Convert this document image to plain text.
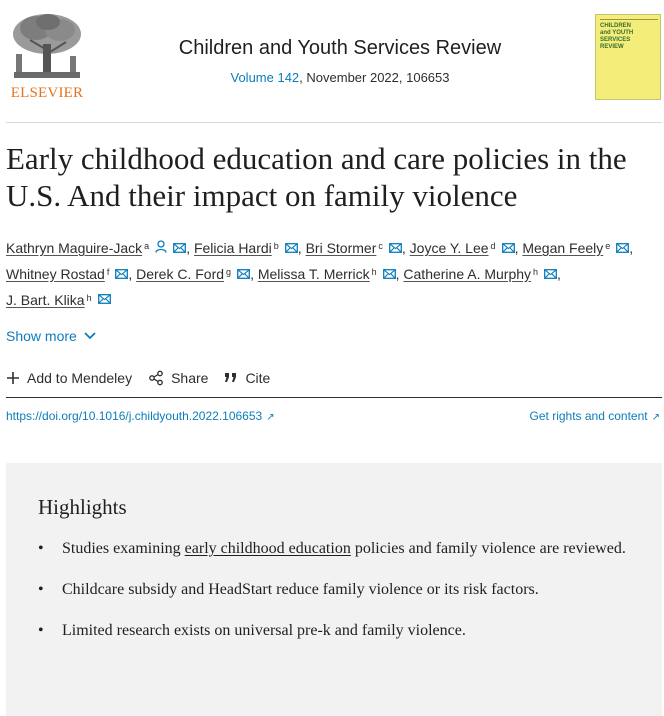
ELSEVIER
Children and Youth Services Review
Volume 142, November 2022, 106653
CHILDREN and YOUTH SERVICES REVIEW
Early childhood education and care policies in the U.S. And their impact on family violence
Kathryn Maguire-Jack $^a$	, Felicia Hardi $^b$ , Bri Stormer $^c$ , Joyce Y. Lee $^d$ , Megan Feely $^e$ , Whitney Rostad $^f$ , Derek C. Ford $^g$ , Melissa T. Merrick $^h$ , Catherine A. Murphy $^h$ , J. Bart. Klika $^h$
Show more
Add to Mendeley	Share	Cite
https://doi.org/10.1016/j.childyouth.2022.106653 ↗	Get rights and content ↗
Highlights
• Studies examining early childhood education policies and family violence are reviewed.
• Childcare subsidy and HeadStart reduce family violence or its risk factors.
• Limited research exists on universal pre-k and family violence.
